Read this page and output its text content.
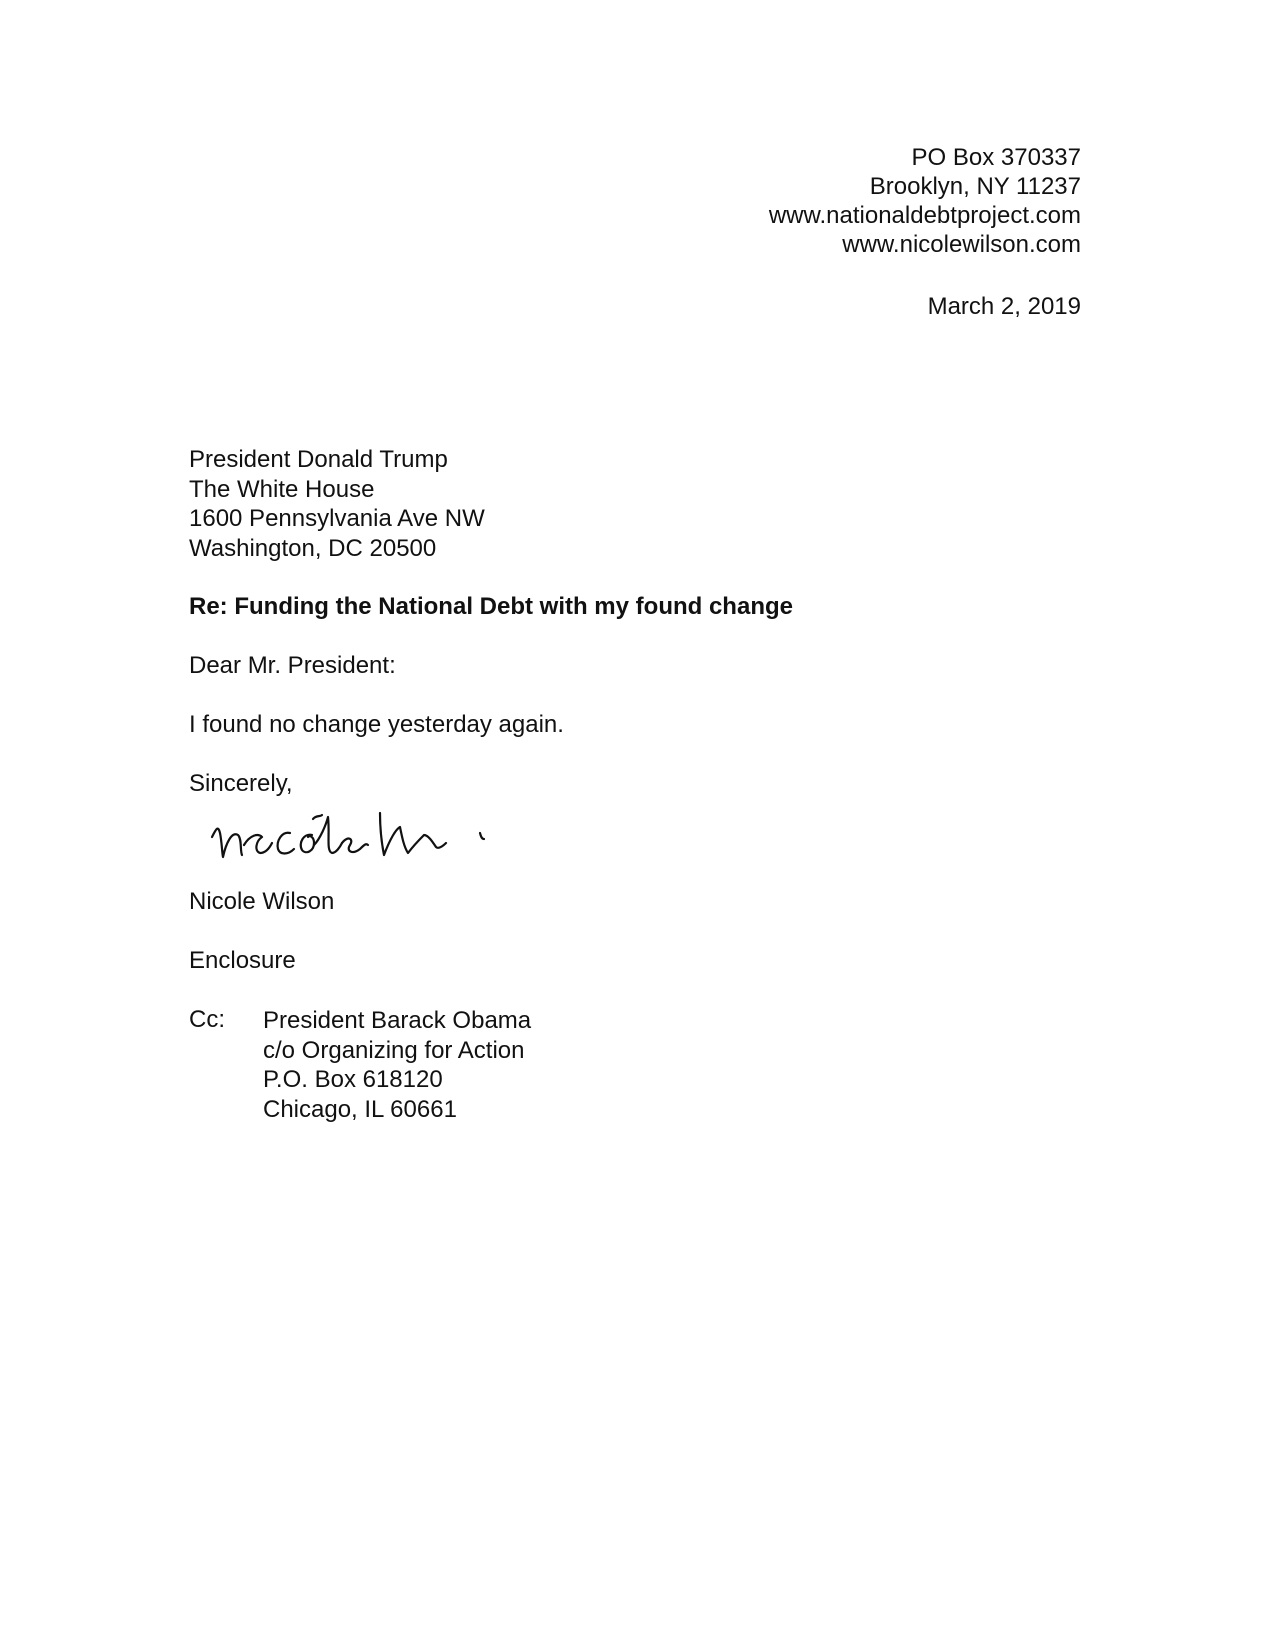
PO Box 370337
Brooklyn, NY 11237
www.nationaldebtproject.com
www.nicolewilson.com
March 2, 2019
President Donald Trump
The White House
1600 Pennsylvania Ave NW
Washington, DC 20500
Re: Funding the National Debt with my found change
Dear Mr. President:
I found no change yesterday again.
Sincerely,
Nicole Wilson
Enclosure
Cc: President Barack Obama
c/o Organizing for Action
P.O. Box 618120
Chicago, IL 60661
